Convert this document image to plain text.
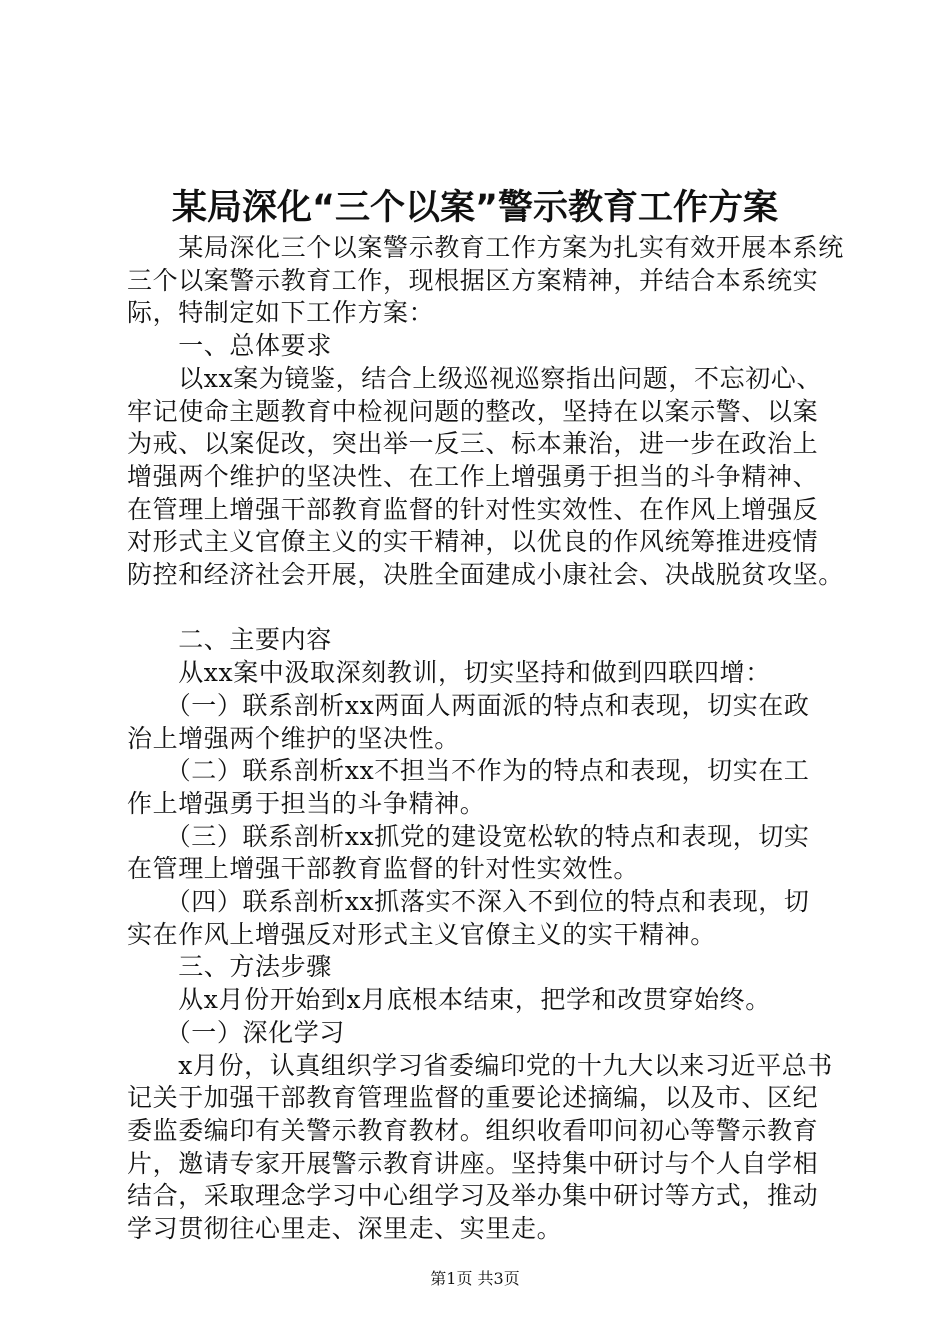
某局深化“三个以案”警示教育工作方案

　　某局深化三个以案警示教育工作方案为扎实有效开展本系统

三个以案警示教育工作，现根据区方案精神，并结合本系统实

际，特制定如下工作方案：

　　一、总体要求

　　以xx案为镜鉴，结合上级巡视巡察指出问题，不忘初心、

牢记使命主题教育中检视问题的整改，坚持在以案示警、以案

为戒、以案促改，突出举一反三、标本兼治，进一步在政治上

增强两个维护的坚决性、在工作上增强勇于担当的斗争精神、

在管理上增强干部教育监督的针对性实效性、在作风上增强反

对形式主义官僚主义的实干精神，以优良的作风统筹推进疫情

防控和经济社会开展，决胜全面建成小康社会、决战脱贫攻坚。

　　二、主要内容

　　从xx案中汲取深刻教训，切实坚持和做到四联四增：

　　（一）联系剖析xx两面人两面派的特点和表现，切实在政

治上增强两个维护的坚决性。

　　（二）联系剖析xx不担当不作为的特点和表现，切实在工

作上增强勇于担当的斗争精神。

　　（三）联系剖析xx抓党的建设宽松软的特点和表现，切实

在管理上增强干部教育监督的针对性实效性。

　　（四）联系剖析xx抓落实不深入不到位的特点和表现，切

实在作风上增强反对形式主义官僚主义的实干精神。

　　三、方法步骤

　　从x月份开始到x月底根本结束，把学和改贯穿始终。

　　（一）深化学习

　　x月份，认真组织学习省委编印党的十九大以来习近平总书

记关于加强干部教育管理监督的重要论述摘编，以及市、区纪

委监委编印有关警示教育教材。组织收看叩问初心等警示教育

片，邀请专家开展警示教育讲座。坚持集中研讨与个人自学相

结合，采取理念学习中心组学习及举办集中研讨等方式，推动

学习贯彻往心里走、深里走、实里走。

第1页 共3页
